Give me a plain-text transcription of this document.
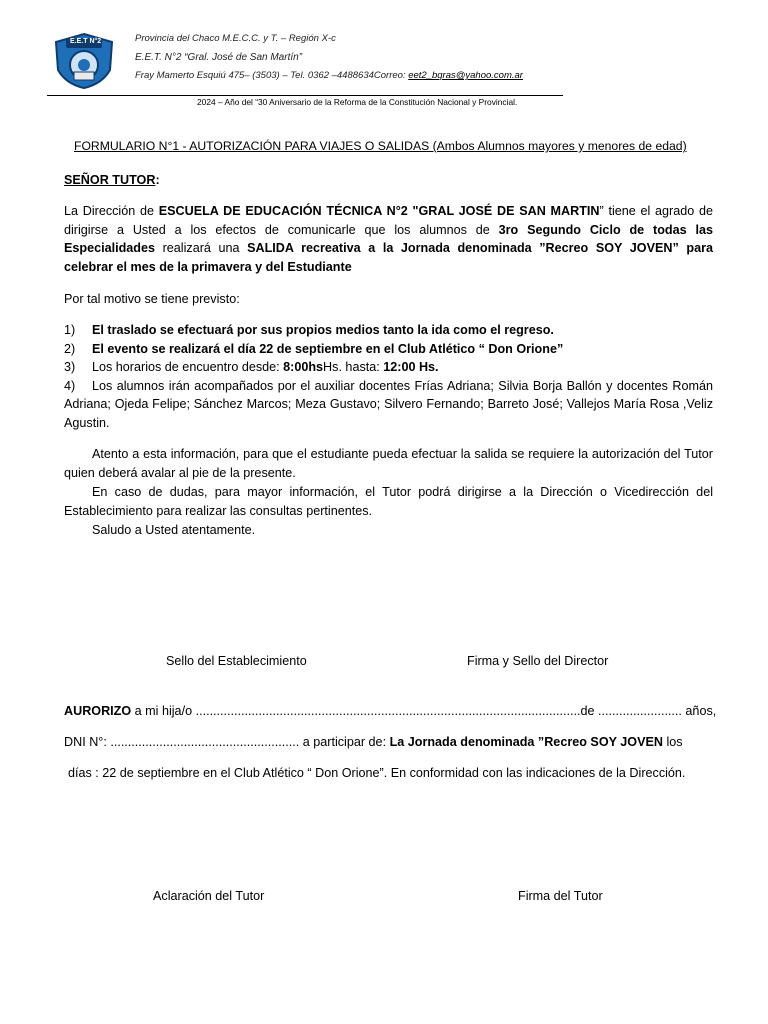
E.E.T N°2	Provincia del Chaco M.E.C.C. y T. – Región X-c
E.E.T. N°2 “Gral. José de San Martín”
Fray Mamerto Esquiú 475– (3503) – Tel. 0362 –4488634Correo: eet2_bqras@yahoo.com.ar
2024 – Año del “30 Aniversario de la Reforma de la Constitución Nacional y Provincial.
FORMULARIO N°1 - AUTORIZACIÓN PARA VIAJES O SALIDAS (Ambos Alumnos mayores y menores de edad)
SEÑOR TUTOR:
La Dirección de ESCUELA DE EDUCACIÓN TÉCNICA N°2 "GRAL JOSÉ DE SAN MARTIN” tiene el agrado de dirigirse a Usted a los efectos de comunicarle que los alumnos de 3ro Segundo Ciclo de todas las Especialidades realizará una SALIDA recreativa a la Jornada denominada ”Recreo SOY JOVEN” para celebrar el mes de la primavera y del Estudiante
Por tal motivo se tiene previsto:
1) El traslado se efectuará por sus propios medios tanto la ida como el regreso.
2) El evento se realizará el día 22 de septiembre en el Club Atlético “ Don Orione”
3) Los horarios de encuentro desde: 8:00hsHs. hasta: 12:00 Hs.
4) Los alumnos irán acompañados por el auxiliar docentes Frías Adriana; Silvia Borja Ballón y docentes Román Adriana; Ojeda Felipe; Sánchez Marcos; Meza Gustavo; Silvero Fernando; Barreto José; Vallejos María Rosa ,Veliz Agustin.
Atento a esta información, para que el estudiante pueda efectuar la salida se requiere la autorización del Tutor quien deberá avalar al pie de la presente.
En caso de dudas, para mayor información, el Tutor podrá dirigirse a la Dirección o Vicedirección del Establecimiento para realizar las consultas pertinentes.
Saludo a Usted atentamente.
Sello del Establecimiento	Firma y Sello del Director
AURORIZO a mi hija/o ..............................................................................................................de ........................ años,
DNI N°: ...................................................... a participar de: La Jornada denominada ”Recreo SOY JOVEN los
días : 22 de septiembre en el Club Atlético “ Don Orione”. En conformidad con las indicaciones de la Dirección.
Aclaración del Tutor	Firma del Tutor
